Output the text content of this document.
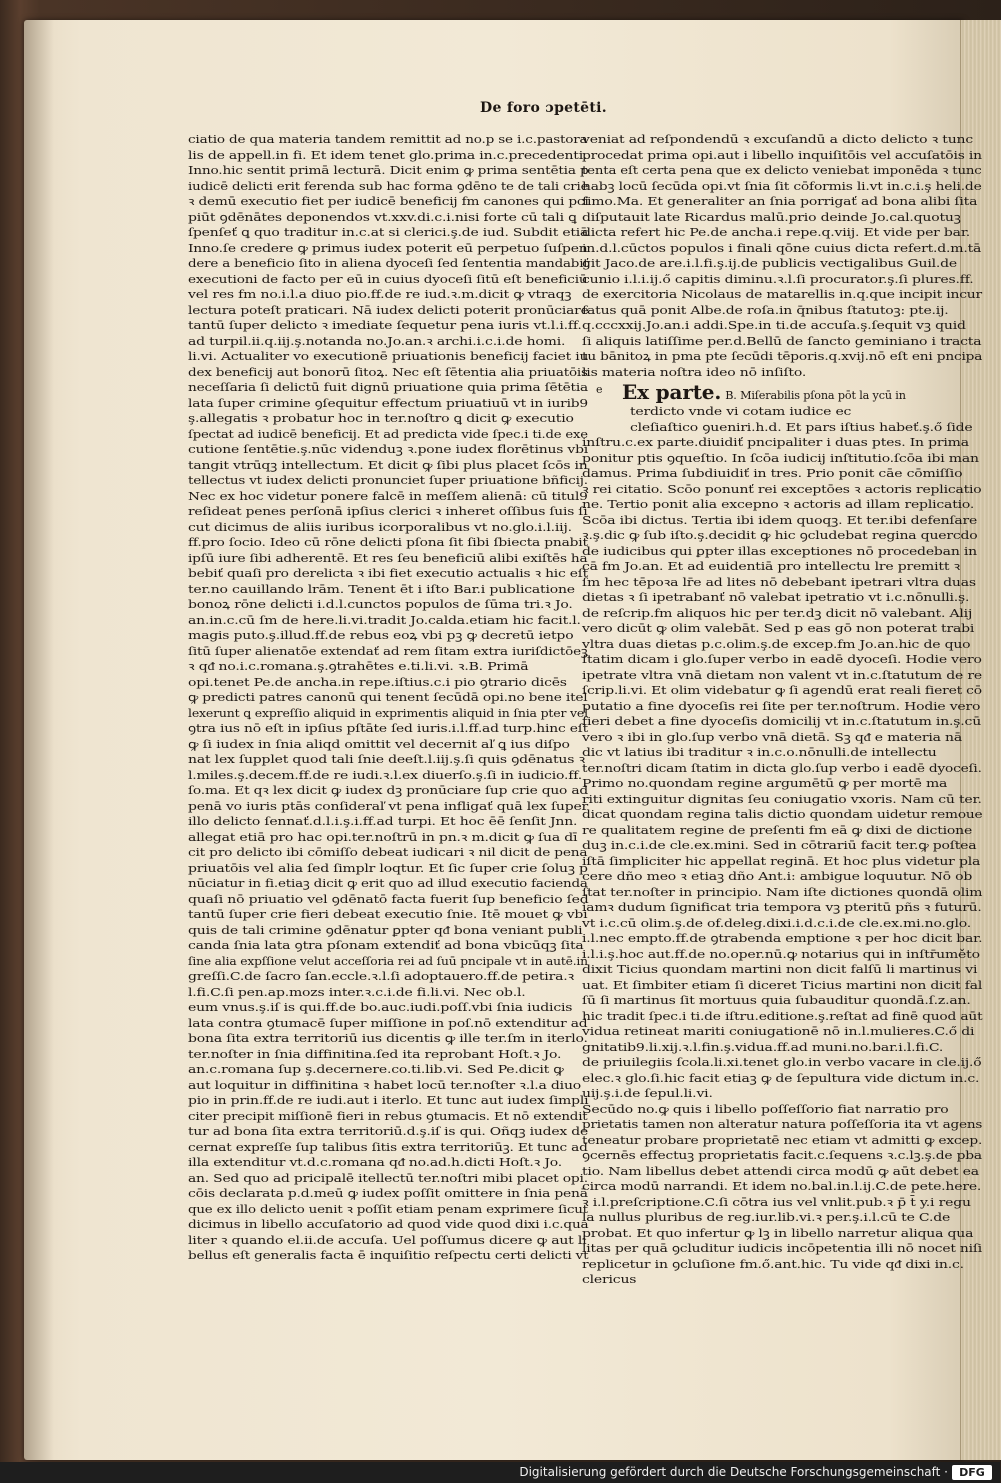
De foro ɔpetēti.
ciatio de qua materia tandem remittit ad no.p se i.c.pastora
lis de appell.in fi. Et idem tenet glo.prima in.c.precedenti.
Inno.hic sentit primā lecturā. Dicit enim ꝙ prima sentētia p
iudicē delicti erit ferenda sub hac forma ꝯdēno te de tali crie
ꝛ demū executio fiet per iudicē beneficij fm canones qui pci
piūt ꝯdēnātes deponendos vt.xxv.di.c.i.nisi forte cū tali ꝗ
ſpenſeť ꝗ quo traditur in.c.at si clerici.ş.de iud. Subdit etiā
Inno.ſe credere ꝙ primus iudex poterit eū perpetuo ſuſpen
dere a beneficio ſito in aliena dyoceſi ſed ſententia mandabiť
executioni de facto per eū in cuius dyoceſi ſitū eſt beneficiū
vel res fm no.i.l.a diuo pio.ff.de re iud.ꝛ.m.dicit ꝙ vtraqꝫ
lectura poteſt praticari. Nā iudex delicti poterit pronūciare
tantū ſuper delicto ꝛ imediate ſequetur pena iuris vt.l.i.ff.
ad turpil.ii.q.iij.ş.notanda no.Jo.an.ꝛ archi.i.c.i.de homi.
li.vi. Actualiter vo executionē priuationis beneficij faciet iu
dex beneficij aut bonorū ſitoꝝ. Nec eſt ſētentia alia priuatōis
neceſſaria ſi delictū fuit dignū priuatione quia prima ſētētia
lata ſuper crimine ꝯſequitur effectum priuatiuū vt in iurib9
ş.allegatis ꝛ probatur hoc in ter.noſtro ꝗ dicit ꝙ executio
ſpectat ad iudicē beneficij. Et ad predicta vide ſpec.i ti.de exe
cutione ſentētie.ş.nūc videnduꝫ ꝛ.pone iudex florētinus vbi
tangit vtrūqꝫ intellectum. Et dicit ꝙ ſibi plus placet ſcōs in
tellectus vt iudex delicti pronunciet ſuper priuatione bñficij.
Nec ex hoc videtur ponere falcē in meſſem alienā: cū titul9
reſideat penes perſonā ipſius clerici ꝛ inheret oſſibus ſuis ſi
cut dicimus de aliis iuribus icorporalibus vt no.glo.i.l.iij.
ff.pro ſocio. Ideo cū rōne delicti pſona ſit ſibi ſbiecta pnabit
ipſū iure ſibi adherentē. Et res ſeu beneficiū alibi exiſtēs ha
bebiť quaſi pro derelicta ꝛ ibi fiet executio actualis ꝛ hic eſt
ter.no cauillando lrām. Tenent ēt i iſto Bar.i publicatione
bonoꝝ rōne delicti i.d.l.cunctos populos de ſūma tri.ꝛ Jo.
an.in.c.cū ſm de here.li.vi.tradit Jo.calda.etiam hic facit.l.
magis puto.ş.illud.ff.de rebus eoꝝ vbi pꝫ ꝙ decretū ietpo
ſitū ſuper alienatōe extendať ad rem ſitam extra iuriſdictōeꝫ
ꝛ qᵭ no.i.c.romana.ş.ꝯtrahētes e.ti.li.vi. ꝛ.B. Primā
opi.tenet Pe.de ancha.in repe.iſtius.c.i pio ꝯtrario dicēs
ꝙ predicti patres canonū qui tenent ſecūdā opi.no bene itel
lexerunt ꝗ expreſſio aliquid in exprimentis aliquid in ſnia pter vel
ꝯtra ius nō eſt in ipſius pſtāte ſed iuris.i.l.ff.ad turp.hinc eſt
ꝙ ſi iudex in ſnia aliqd omittit vel decernit aľ ꝗ ius diſpo
nat lex ſupplet quod tali ſnie deeſt.l.iij.ş.ſi quis ꝯdēnatus ꝛ
l.miles.ş.decem.ff.de re iudi.ꝛ.l.ex diuerſo.ş.ſi in iudicio.ff.
ſo.ma. Et qꝛ lex dicit ꝙ iudex dꝫ pronūciare ſup crie quo ad
penā vo iuris ptās conſideraľ vt pena infligať quā lex ſuper
illo delicto ſennať.d.l.i.ş.i.ff.ad turpi. Et hoc ēē ſenſit Jnn.
allegat etiā pro hac opi.ter.noſtrū in pn.ꝛ m.dicit ꝙ ſua dī
cit pro delicto ibi cōmiſſo debeat iudicari ꝛ nil dicit de pena
priuatōis vel alia ſed ſimplr loqtur. Et ſic ſuper crie ſoluꝫ p
nūciatur in fi.etiaꝫ dicit ꝙ erit quo ad illud executio facienda
quaſi nō priuatio vel ꝯdēnatō facta fuerit ſup beneficio ſed
tantū ſuper crie fieri debeat executio ſnie. Itē mouet ꝙ vbi
quis de tali crimine ꝯdēnatur ꝑpter qᵭ bona veniant publi
canda ſnia lata ꝯtra pſonam extendiť ad bona vbicūqꝫ ſita
ſine alia expſſione velut acceſſoria rei ad ſuū pncipale vt in autē.in
greſſi.C.de ſacro ſan.eccle.ꝛ.l.ſi adoptauero.ff.de petira.ꝛ
l.fi.C.ſi pen.ap.mozs inter.ꝛ.c.i.de fi.li.vi. Nec ob.l.
eum vnus.ş.iſ is qui.ff.de bo.auc.iudi.poſſ.vbi ſnia iudicis
lata contra ꝯtumacē ſuper miſſione in poſ.nō extenditur ad
bona ſita extra territoriū ius dicentis ꝙ ille ter.ſm in iterlo.
ter.noſter in ſnia diffinitina.ſed ita reprobant Hoſt.ꝛ Jo.
an.c.romana ſup ş.decernere.co.ti.lib.vi. Sed Pe.dicit ꝙ
aut loquitur in diffinitina ꝛ habet locū ter.noſter ꝛ.l.a diuo
pio in prin.ff.de re iudi.aut i iterlo. Et tunc aut iudex ſimpli
citer precipit miſſionē fieri in rebus ꝯtumacis. Et nō extendit
tur ad bona ſita extra territoriū.d.ş.iſ is qui. Oñqꝫ iudex de
cernat expreſſe ſup talibus ſitis extra territoriūꝫ. Et tunc ad
illa extenditur vt.d.c.romana qᵭ no.ad.h.dicti Hoſt.ꝛ Jo.
an. Sed quo ad pricipalē itellectū ter.noſtri mibi placet opi.
cōis declarata p.d.meū ꝙ iudex poſſit omittere in ſnia penā
que ex illo delicto uenit ꝛ poſſit etiam penam exprimere ſicut
dicimus in libello accuſatorio ad quod vide quod dixi i.c.qua
liter ꝛ quando el.ii.de accuſa. Uel poſſumus dicere ꝙ aut li
bellus eſt generalis facta ē inquiſitio reſpectu certi delicti vt
veniat ad reſpondendū ꝛ excuſandū a dicto delicto ꝛ tunc
procedat prima opi.aut i libello inquiſitōis vel accuſatōis in
tenta eſt certa pena que ex delicto veniebat imponēda ꝛ tunc
habꝫ locū ſecūda opi.vt ſnia ſit cōformis li.vt in.c.i.ş heli.de
ſimo.Ma. Et generaliter an ſnia porrigať ad bona alibi ſita
diſputauit late Ricardus malū.prio deinde Jo.cal.quotuꝫ
dicta refert hic Pe.de ancha.i repe.q.viij. Et vide per bar.
in.d.l.cūctos populos i finali qōne cuius dicta refert.d.m.tā
git Jaco.de are.i.l.fi.ş.ij.de publicis vectigalibus Guil.de
cunio i.l.i.ij.ő capitis diminu.ꝛ.l.ſi procurator.ş.ſi plures.ff.
de exercitoria Nicolaus de matarellis in.q.que incipit incur
ſatus quā ponit Albe.de roſa.in q̄nibus ſtatutoꝫ: pte.ij.
q.cccxxij.Jo.an.i addi.Spe.in ti.de accuſa.ş.ſequit vꝫ quid
ſi aliquis latiſſime per.d.Bellū de ſancto geminiano i tracta
tu bānitoꝝ in pma pte ſecūdi tēporis.q.xvij.nō eſt eni pncipa
lis materia noſtra ideo nō inſiſto.
Ex parte. B. Miſerabilis pſona pōt la ycū in
terdicto vnde vi cotam iudice ec
cleſiaſtico ꝯueniri.h.d. Et pars iſtius habeť.ş.ő ſide
inſtru.c.ex parte.diuidiť pncipaliter i duas ptes. In prima
ponitur ptis ꝯqueſtio. In ſcōa iudicij inſtitutio.ſcōa ibi man
damus. Prima ſubdiuidiť in tres. Prio ponit cāe cōmiſſio
ꝛ rei citatio. Scōo ponunť rei exceptōes ꝛ actoris replicatio
ne. Tertio ponit alia excepno ꝛ actoris ad illam replicatio.
Scōa ibi dictus. Tertia ibi idem quoqꝫ. Et ter.ibi defenſare
ꝛ.ş.dic ꝙ ſub iſto.ş.decidit ꝙ hic ꝯcludebat regina quercdo
de iudicibus qui ꝑpter illas exceptiones nō procedeban in
cā fm Jo.an. Et ad euidentiā pro intellectu lre premitt ꝛ
ſm hec tēpoꝛa lr̄e ad lites nō debebant ipetrari vltra duas
dietas ꝛ ſi ipetrabanť nō valebat ipetratio vt i.c.nōnulli.ş.
de reſcrip.fm aliquos hic per ter.dꝫ dicit nō valebant. Alij
vero dicūt ꝙ olim valebāt. Sed p eas gō non poterat trabi
vltra duas dietas p.c.olim.ş.de excep.fm Jo.an.hic de quo
ſtatim dicam i glo.ſuper verbo in eadē dyoceſi. Hodie vero
ipetrate vltra vnā dietam non valent vt in.c.ſtatutum de re
ſcrip.li.vi. Et olim videbatur ꝙ ſi agendū erat reali fieret cō
putatio a fine dyoceſis rei ſite per ter.noſtrum. Hodie vero
fieri debet a fine dyoceſis domicilij vt in.c.ſtatutum in.ş.cū
vero ꝛ ibi in glo.ſup verbo vnā dietā. Sꝫ qᵭ e materia nā
dic vt latius ibi traditur ꝛ in.c.o.nōnulli.de intellectu
ter.noſtri dicam ſtatim in dicta glo.ſup verbo i eadē dyoceſi.
Primo no.quondam regine argumētū ꝙ per mortē ma
riti extinguitur dignitas ſeu coniugatio vxoris. Nam cū ter.
dicat quondam regina talis dictio quondam uidetur remoue
re qualitatem regine de preſenti fm eā ꝙ dixi de dictione
duꝫ in.c.i.de cle.ex.mini. Sed in cōtrariū facit ter.ꝙ poſtea
iſtā ſimpliciter hic appellat reginā. Et hoc plus videtur pla
cere dño meo ꝛ etiaꝫ dño Ant.i: ambigue loquutur. Nō ob
ſtat ter.noſter in principio. Nam iſte dictiones quondā olim
iamꝛ dudum ſignificat tria tempora vꝫ pteritū pñs ꝛ futurū.
vt i.c.cū olim.ş.de of.deleg.dixi.i.d.c.i.de cle.ex.mi.no.glo.
i.l.nec empto.ff.de ꝯtrabenda emptione ꝛ per hoc dicit bar.
i.l.i.ş.hoc aut.ff.de no.oper.nū.ꝙ notarius qui in inſtr̄uměto
dixit Ticius quondam martini non dicit falſū li martinus vi
uat. Et ſimbiter etiam ſi diceret Ticius martini non dicit fal
ſū ſi martinus ſit mortuus quia ſubauditur quondā.ſ.z.an.
hic tradit ſpec.i ti.de iſtru.editione.ş.reſtat ad finē quod aūt
vidua retineat mariti coniugationē nō in.l.mulieres.C.ő di
gnitatib9.li.xij.ꝛ.l.fin.ş.vidua.ff.ad muni.no.bar.i.l.fi.C.
de priuilegiis ſcola.li.xi.tenet glo.in verbo vacare in cle.ij.ő
elec.ꝛ glo.ſi.hic facit etiaꝫ ꝙ de ſepultura vide dictum in.c.
uij.ş.i.de ſepul.li.vi.
Secūdo no.ꝙ quis i libello poſſeſſorio fiat narratio pro
prietatis tamen non alteratur natura poſſeſſoria ita vt agens
teneatur probare proprietatē nec etiam vt admitti ꝙ excep.
ꝯcernēs effectuꝫ proprietatis facit.c.ſequens ꝛ.c.lꝫ.ş.de pba
tio. Nam libellus debet attendi circa modū ꝙ aūt debet ea
circa modū narrandi. Et idem no.bal.in.l.ij.C.de pete.here.
ꝛ i.l.preſcriptione.C.ſi cōtra ius vel vnlit.pub.ꝛ p̄ t̄ y.i regu
la nullus pluribus de reg.iur.lib.vi.ꝛ per.ş.i.l.cū te C.de
probat. Et quo infertur ꝙ lꝫ in libello narretur aliqua qua
litas per quā ꝯcluditur iudicis incōpetentia illi nō nocet niſi
replicetur in ꝯcluſione fm.ő.ant.hic. Tu vide qᵭ dixi in.c.
clericus
e
Digitalisierung gefördert durch die Deutsche Forschungsgemeinschaft ·	DFG
